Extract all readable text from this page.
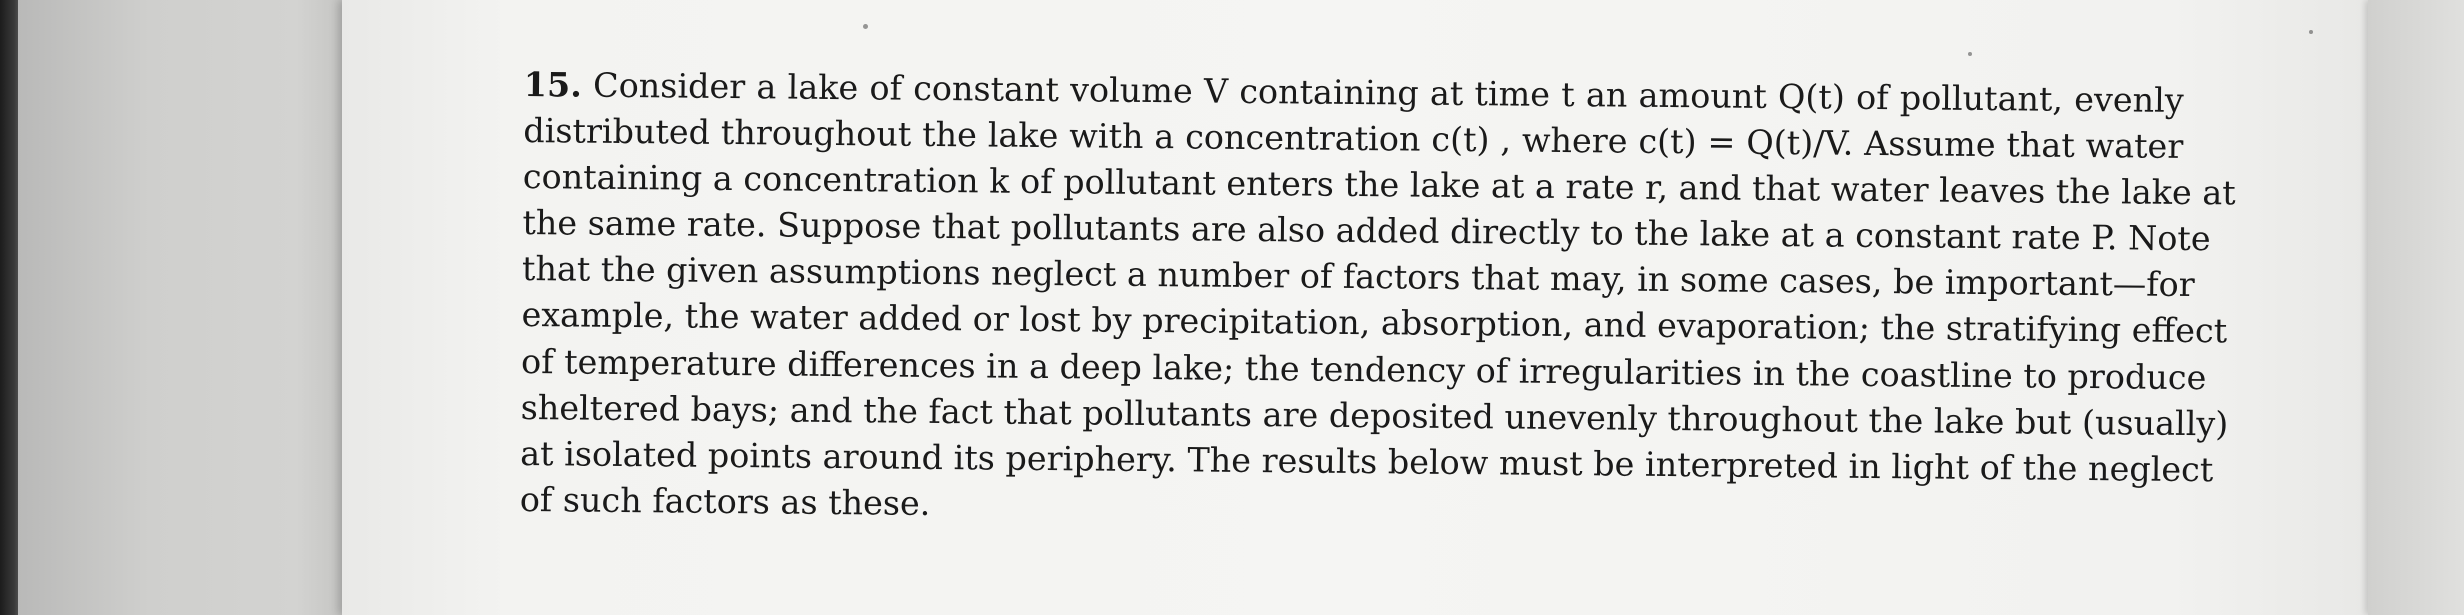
15. Consider a lake of constant volume V containing at time t an amount Q(t) of pollutant, evenly
distributed throughout the lake with a concentration c(t) , where c(t) = Q(t)/V. Assume that water
containing a concentration k of pollutant enters the lake at a rate r, and that water leaves the lake at
the same rate. Suppose that pollutants are also added directly to the lake at a constant rate P. Note
that the given assumptions neglect a number of factors that may, in some cases, be important—for
example, the water added or lost by precipitation, absorption, and evaporation; the stratifying effect
of temperature differences in a deep lake; the tendency of irregularities in the coastline to produce
sheltered bays; and the fact that pollutants are deposited unevenly throughout the lake but (usually)
at isolated points around its periphery. The results below must be interpreted in light of the neglect
of such factors as these.
